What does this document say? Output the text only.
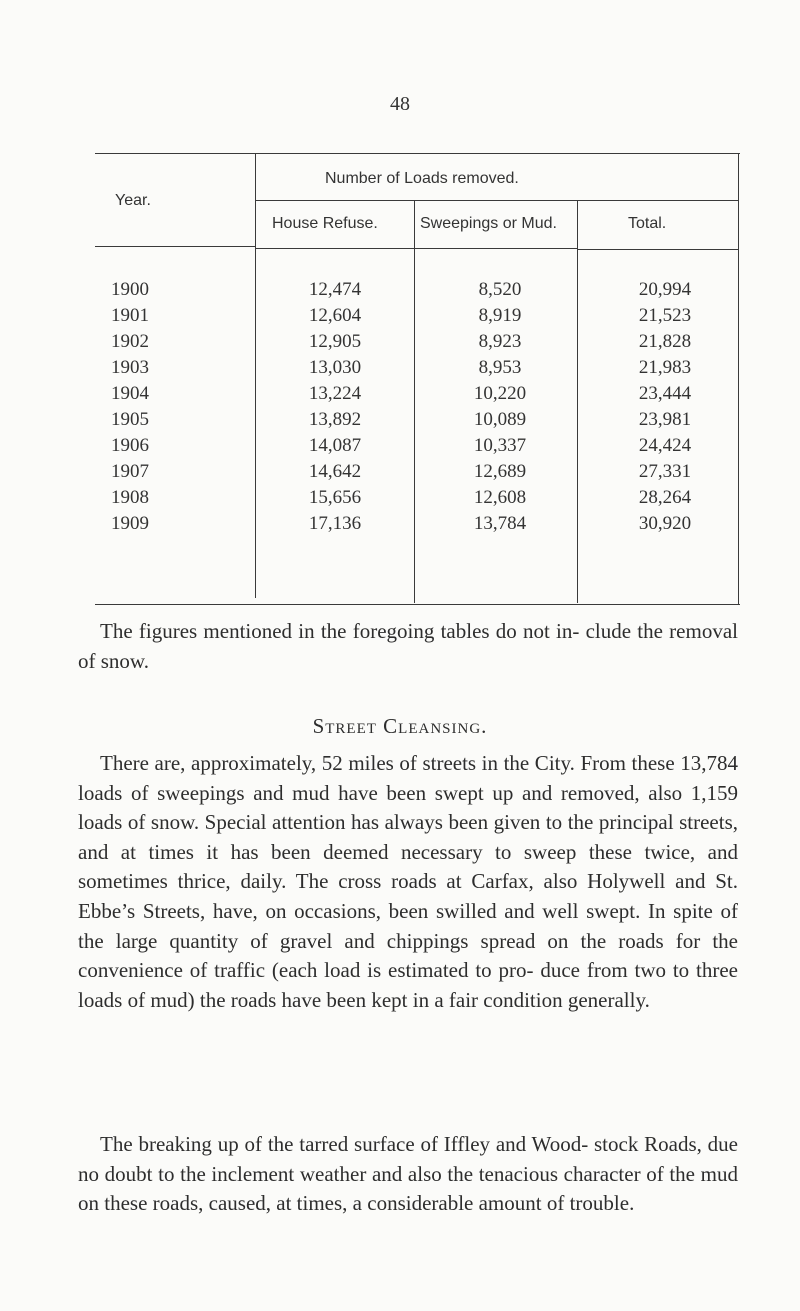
48
Year.
Number of Loads removed.
House Refuse.	Sweepings or Mud.	Total.
1900	12,474	8,520	20,994
1901	12,604	8,919	21,523
1902	12,905	8,923	21,828
1903	13,030	8,953	21,983
1904	13,224	10,220	23,444
1905	13,892	10,089	23,981
1906	14,087	10,337	24,424
1907	14,642	12,689	27,331
1908	15,656	12,608	28,264
1909	17,136	13,784	30,920

The figures mentioned in the foregoing tables do not in- clude the removal of snow.

Street Cleansing.

There are, approximately, 52 miles of streets in the City. From these 13,784 loads of sweepings and mud have been swept up and removed, also 1,159 loads of snow. Special attention has always been given to the principal streets, and at times it has been deemed necessary to sweep these twice, and sometimes thrice, daily. The cross roads at Carfax, also Holywell and St. Ebbe’s Streets, have, on occasions, been swilled and well swept. In spite of the large quantity of gravel and chippings spread on the roads for the convenience of traffic (each load is estimated to pro- duce from two to three loads of mud) the roads have been kept in a fair condition generally.

The breaking up of the tarred surface of Iffley and Wood- stock Roads, due no doubt to the inclement weather and also the tenacious character of the mud on these roads, caused, at times, a considerable amount of trouble.
